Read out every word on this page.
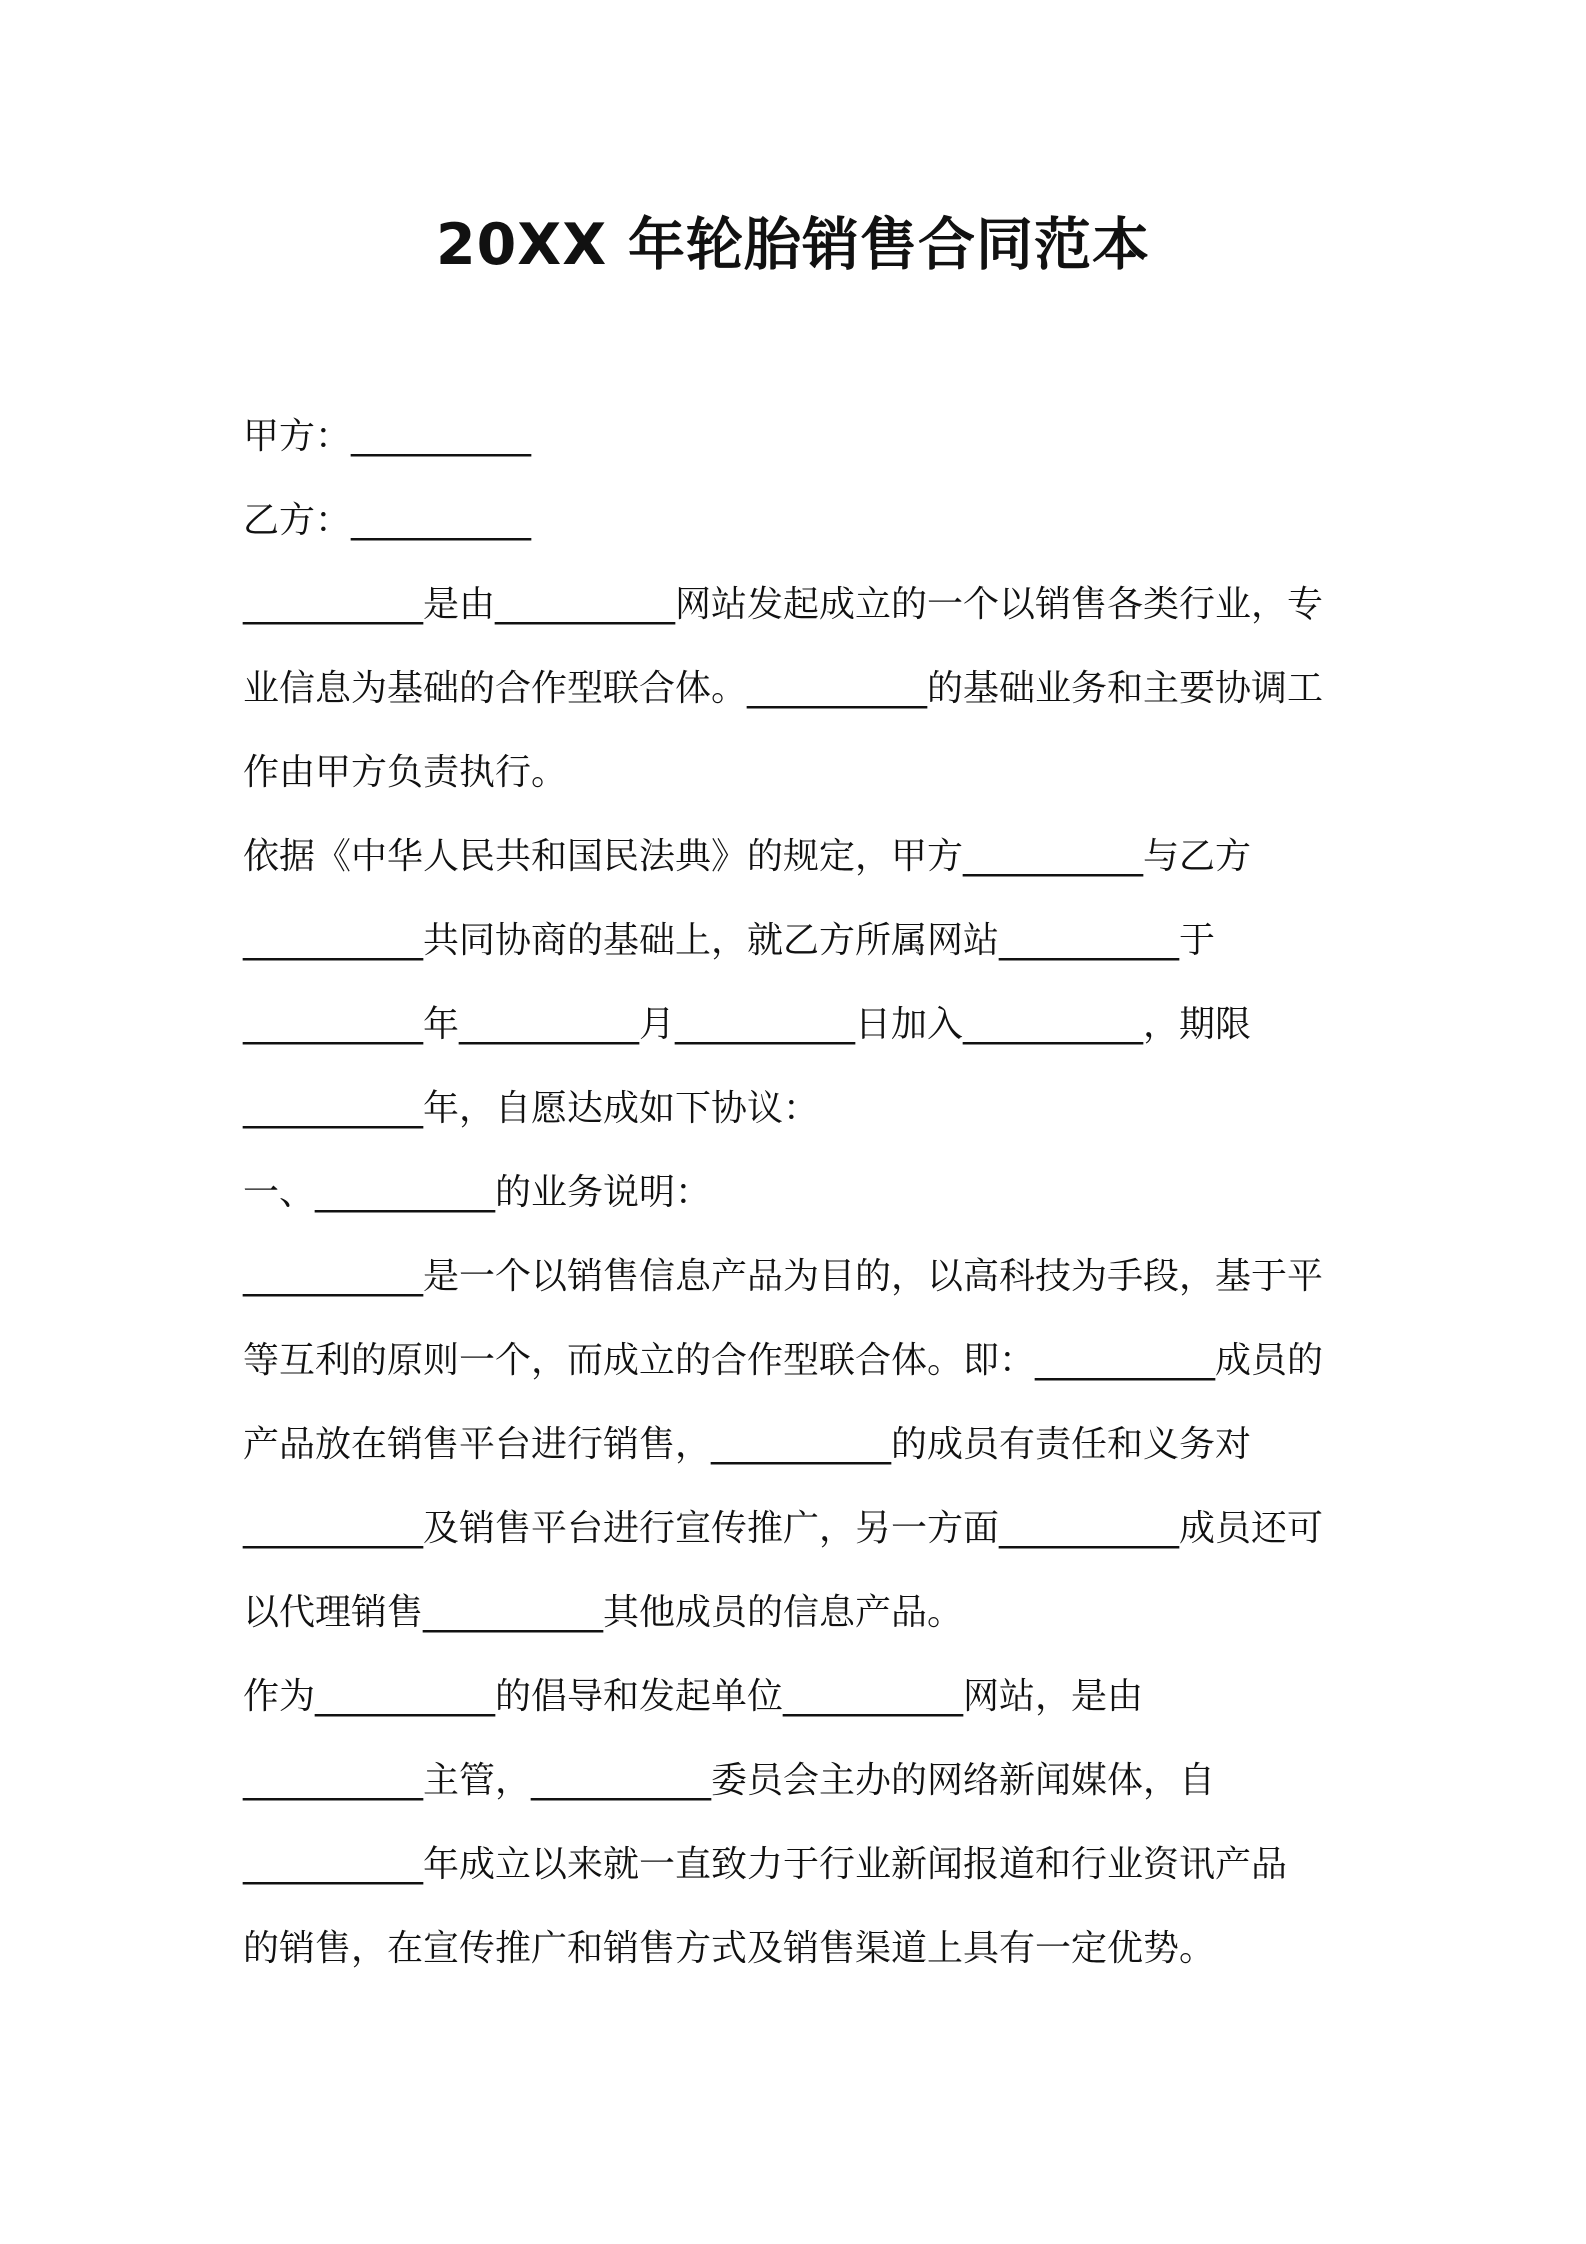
20XX 年轮胎销售合同范本
甲方：__________
乙方：__________
__________是由__________网站发起成立的一个以销售各类行业，专
业信息为基础的合作型联合体。__________的基础业务和主要协调工
作由甲方负责执行。
依据《中华人民共和国民法典》的规定，甲方__________与乙方
__________共同协商的基础上，就乙方所属网站__________于
__________年__________月__________日加入__________，期限
__________年，自愿达成如下协议：
一、__________的业务说明：
__________是一个以销售信息产品为目的，以高科技为手段，基于平
等互利的原则一个，而成立的合作型联合体。即：__________成员的
产品放在销售平台进行销售，__________的成员有责任和义务对
__________及销售平台进行宣传推广，另一方面__________成员还可
以代理销售__________其他成员的信息产品。
作为__________的倡导和发起单位__________网站，是由
__________主管，__________委员会主办的网络新闻媒体，自
__________年成立以来就一直致力于行业新闻报道和行业资讯产品
的销售，在宣传推广和销售方式及销售渠道上具有一定优势。
